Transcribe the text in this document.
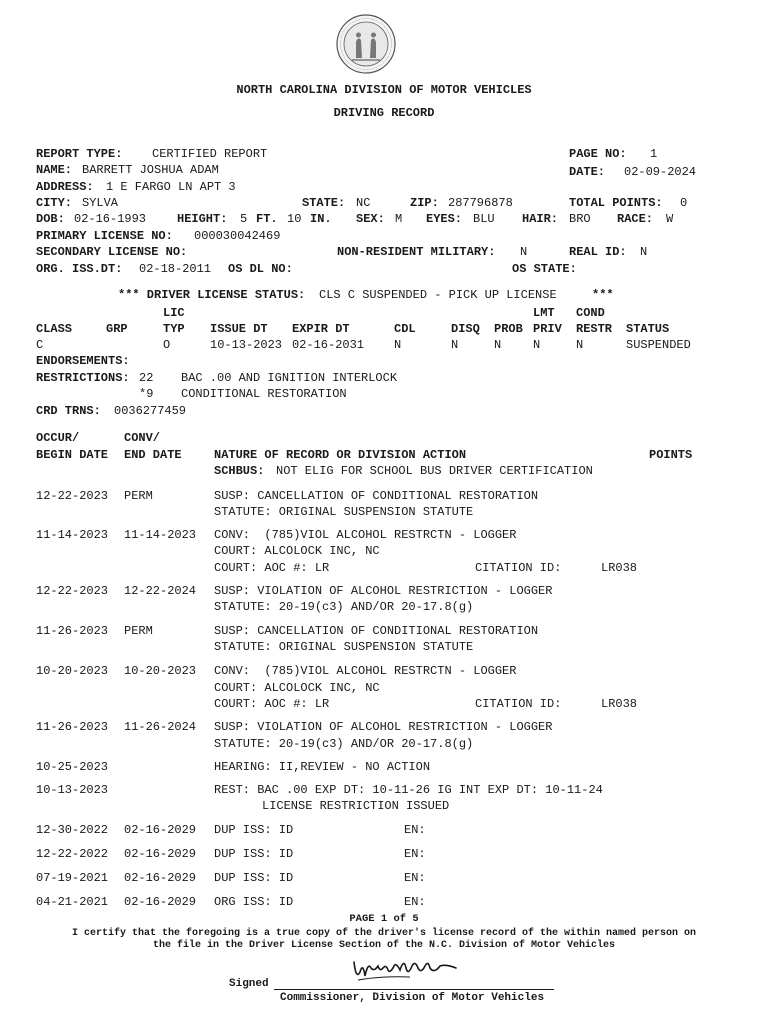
NORTH CAROLINA DIVISION OF MOTOR VEHICLES
DRIVING RECORD
REPORT TYPE: CERTIFIED REPORT	PAGE NO: 1
NAME: BARRETT JOSHUA ADAM	DATE: 02-09-2024
ADDRESS: 1 E FARGO LN APT 3
CITY: SYLVA	STATE: NC	ZIP: 287796878	TOTAL POINTS: 0
DOB: 02-16-1993	HEIGHT: 5 FT. 10 IN. SEX: M EYES: BLU HAIR: BRO RACE: W
PRIMARY LICENSE NO: 000030042469
SECONDARY LICENSE NO:	NON-RESIDENT MILITARY: N	REAL ID: N
ORG. ISS.DT: 02-18-2011 OS DL NO:	OS STATE:
*** DRIVER LICENSE STATUS: CLS C SUSPENDED - PICK UP LICENSE	***
LIC	LMT COND
CLASS	GRP	TYP ISSUE DT EXPIR DT	CDL	DISQ PROB PRIV RESTR STATUS
C	O	10-13-2023 02-16-2031 N	N	N	N	N	SUSPENDED
ENDORSEMENTS:
RESTRICTIONS: 22 BAC .00 AND IGNITION INTERLOCK
*9 CONDITIONAL RESTORATION
CRD TRNS: 0036277459
OCCUR/	CONV/
BEGIN DATE END DATE	NATURE OF RECORD OR DIVISION ACTION	POINTS
SCHBUS: NOT ELIG FOR SCHOOL BUS DRIVER CERTIFICATION
12-22-2023 PERM	SUSP: CANCELLATION OF CONDITIONAL RESTORATION
STATUTE: ORIGINAL SUSPENSION STATUTE
11-14-2023 11-14-2023 CONV:  (785)VIOL ALCOHOL RESTRCTN - LOGGER
COURT: ALCOLOCK INC, NC
COURT: AOC #: LR	CITATION ID:	LR038
12-22-2023 12-22-2024 SUSP: VIOLATION OF ALCOHOL RESTRICTION - LOGGER
STATUTE: 20-19(c3) AND/OR 20-17.8(g)
11-26-2023 PERM	SUSP: CANCELLATION OF CONDITIONAL RESTORATION
STATUTE: ORIGINAL SUSPENSION STATUTE
10-20-2023 10-20-2023 CONV:  (785)VIOL ALCOHOL RESTRCTN - LOGGER
COURT: ALCOLOCK INC, NC
COURT: AOC #: LR	CITATION ID:	LR038
11-26-2023 11-26-2024 SUSP: VIOLATION OF ALCOHOL RESTRICTION - LOGGER
STATUTE: 20-19(c3) AND/OR 20-17.8(g)
10-25-2023	HEARING: II,REVIEW - NO ACTION
10-13-2023	REST: BAC .00 EXP DT: 10-11-26 IG INT EXP DT: 10-11-24
LICENSE RESTRICTION ISSUED
12-30-2022 02-16-2029 DUP ISS: ID	EN:
12-22-2022 02-16-2029 DUP ISS: ID	EN:
07-19-2021 02-16-2029 DUP ISS: ID	EN:
04-21-2021 02-16-2029 ORG ISS: ID	EN:
PAGE 1 of 5
I certify that the foregoing is a true copy of the driver's license record of the within named person on
the file in the Driver License Section of the N.C. Division of Motor Vehicles
Signed
Commissioner, Division of Motor Vehicles
